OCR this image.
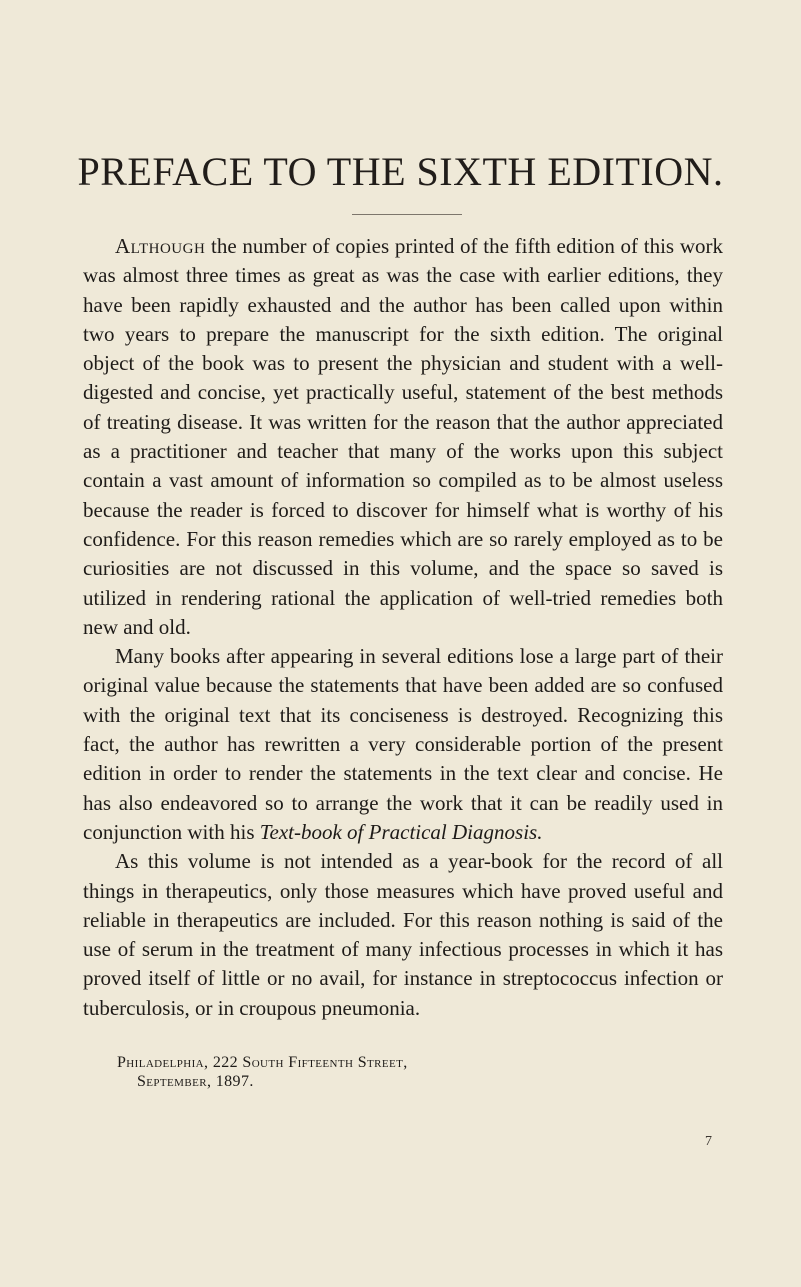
PREFACE TO THE SIXTH EDITION.

Although the number of copies printed of the fifth edition of this work was almost three times as great as was the case with earlier editions, they have been rapidly exhausted and the author has been called upon within two years to prepare the manuscript for the sixth edition. The original object of the book was to present the physician and student with a well-digested and concise, yet practically useful, statement of the best methods of treating disease. It was written for the reason that the author appreciated as a practitioner and teacher that many of the works upon this subject contain a vast amount of information so compiled as to be almost useless because the reader is forced to discover for himself what is worthy of his confidence. For this reason remedies which are so rarely employed as to be curiosities are not discussed in this volume, and the space so saved is utilized in rendering rational the application of well-tried remedies both new and old.

Many books after appearing in several editions lose a large part of their original value because the statements that have been added are so confused with the original text that its conciseness is destroyed. Recognizing this fact, the author has rewritten a very considerable portion of the present edition in order to render the statements in the text clear and concise. He has also endeavored so to arrange the work that it can be readily used in conjunction with his Text-book of Practical Diagnosis.

As this volume is not intended as a year-book for the record of all things in therapeutics, only those measures which have proved useful and reliable in therapeutics are included. For this reason nothing is said of the use of serum in the treatment of many infectious processes in which it has proved itself of little or no avail, for instance in streptococcus infection or tuberculosis, or in croupous pneumonia.

Philadelphia, 222 South Fifteenth Street,
September, 1897.
7
